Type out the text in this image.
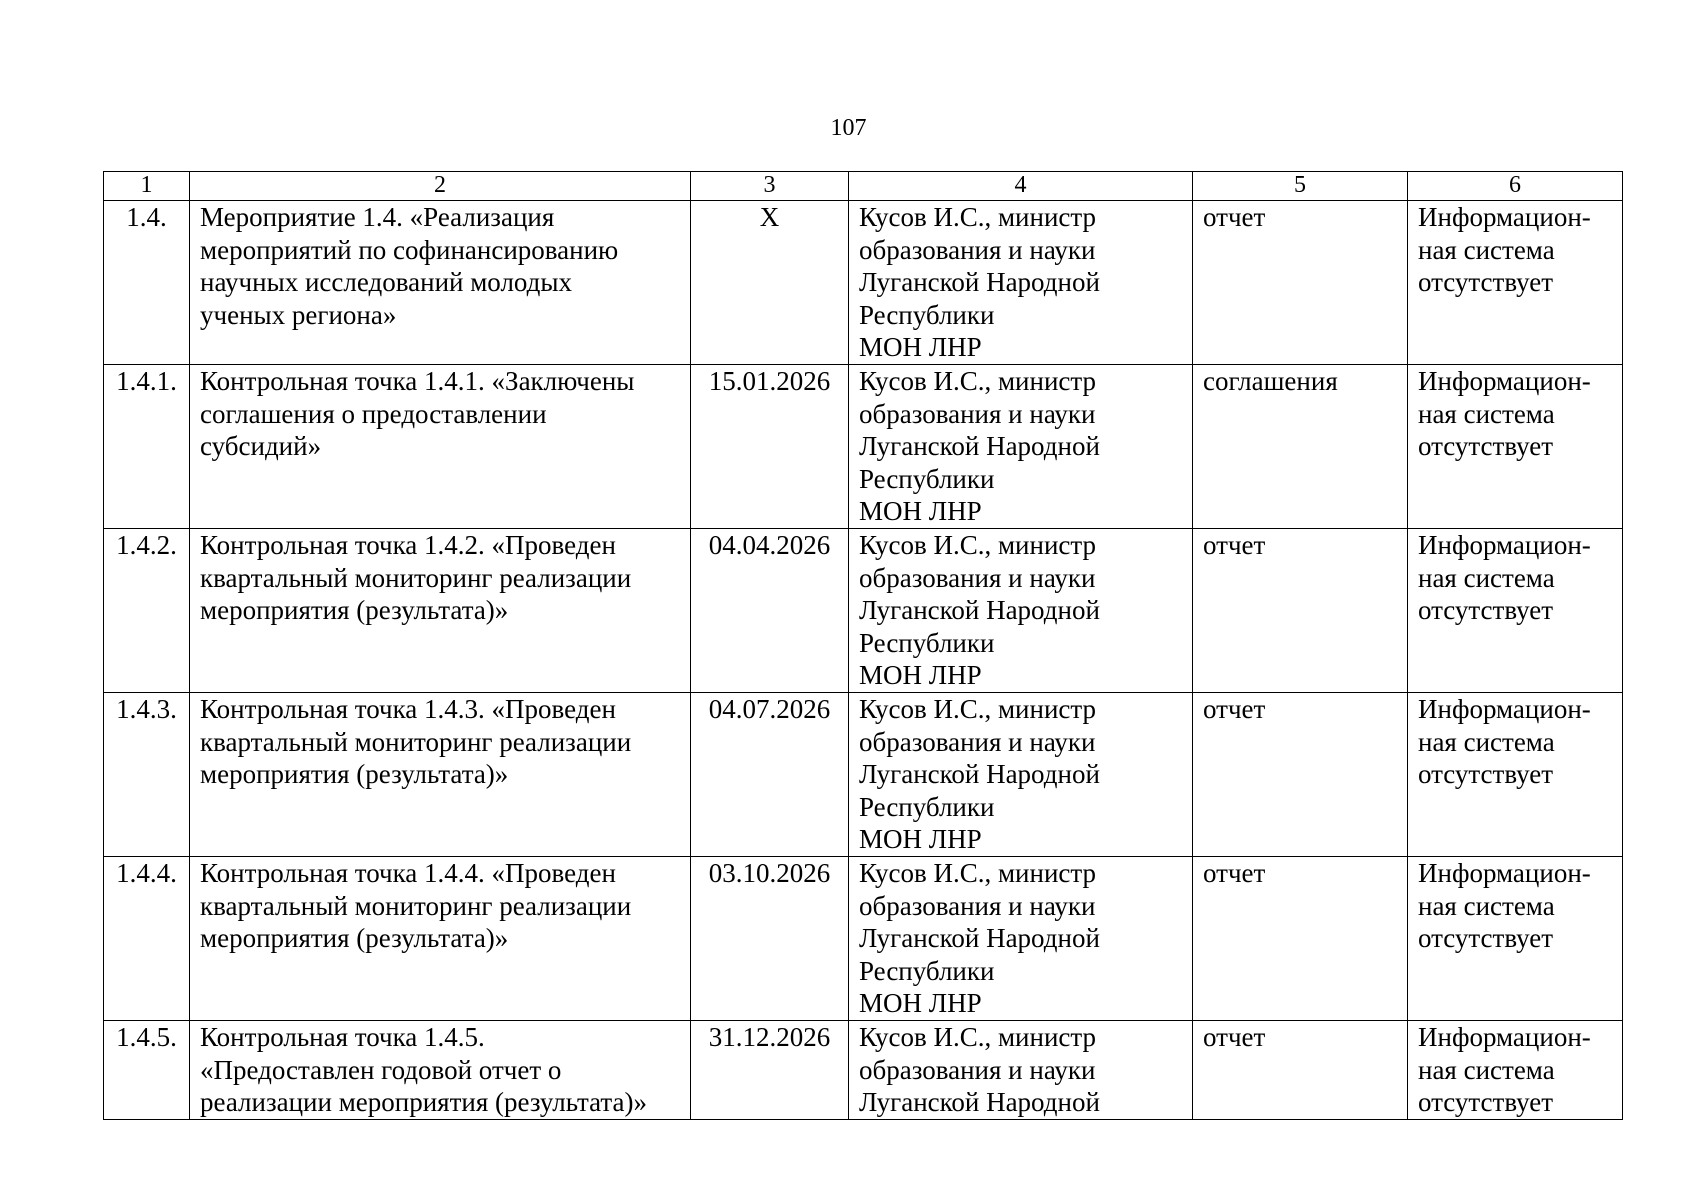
107
1	2	3	4	5	6
1.4.	Мероприятие 1.4. «Реализация
мероприятий по софинансированию
научных исследований молодых
ученых региона»	Х	Кусов И.С., министр
образования и науки
Луганской Народной
Республики
МОН ЛНР	отчет	Информацион-
ная система
отсутствует

1.4.1.	Контрольная точка 1.4.1. «Заключены
соглашения о предоставлении
субсидий»	15.01.2026	Кусов И.С., министр
образования и науки
Луганской Народной
Республики
МОН ЛНР	соглашения	Информацион-
ная система
отсутствует

1.4.2.	Контрольная точка 1.4.2. «Проведен
квартальный мониторинг реализации
мероприятия (результата)»	04.04.2026	Кусов И.С., министр
образования и науки
Луганской Народной
Республики
МОН ЛНР	отчет	Информацион-
ная система
отсутствует

1.4.3.	Контрольная точка 1.4.3. «Проведен
квартальный мониторинг реализации
мероприятия (результата)»	04.07.2026	Кусов И.С., министр
образования и науки
Луганской Народной
Республики
МОН ЛНР	отчет	Информацион-
ная система
отсутствует

1.4.4.	Контрольная точка 1.4.4. «Проведен
квартальный мониторинг реализации
мероприятия (результата)»	03.10.2026	Кусов И.С., министр
образования и науки
Луганской Народной
Республики
МОН ЛНР	отчет	Информацион-
ная система
отсутствует

1.4.5.	Контрольная точка 1.4.5.
«Предоставлен годовой отчет о
реализации мероприятия (результата)»	31.12.2026	Кусов И.С., министр
образования и науки
Луганской Народной	отчет	Информацион-
ная система
отсутствует
